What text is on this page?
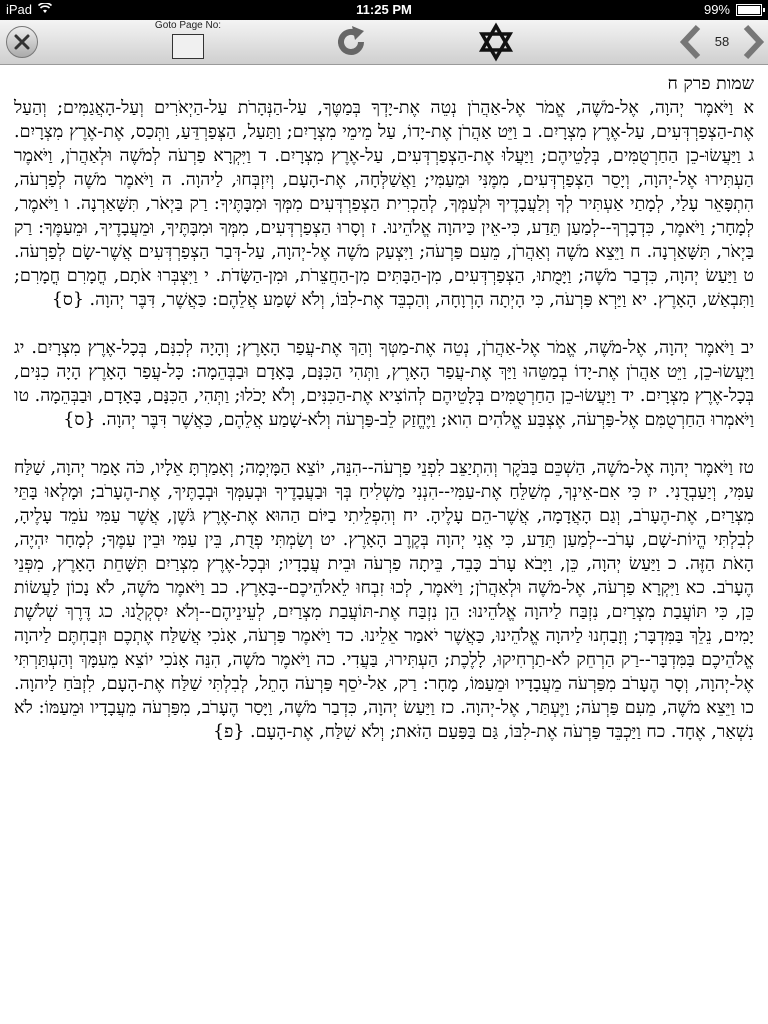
iPad	11:25 PM	99%
Goto Page No:
58
שמות פרק ח

א וַיֹּאמֶר יְהוָה, אֶל-מֹשֶׁה, אֱמֹר אֶל-אַהֲרֹן נְטֵה אֶת-יָדְךָ בְּמַטֶּךָ, עַל-הַנְּהָרֹת עַל-הַיְאֹרִים וְעַל-הָאֲגַמִּים; וְהַעַל אֶת-הַצְפַרְדְּעִים, עַל-אֶרֶץ מִצְרָיִם. ב וַיֵּט אַהֲרֹן אֶת-יָדוֹ, עַל מֵימֵי מִצְרָיִם; וַתַּעַל, הַצְּפַרְדֵּעַ, וַתְּכַס, אֶת-אֶרֶץ מִצְרָיִם. ג וַיַּעֲשׂוּ-כֵן הַחַרְטֻמִּים, בְּלָטֵיהֶם; וַיַּעֲלוּ אֶת-הַצְפַרְדְּעִים, עַל-אֶרֶץ מִצְרָיִם. ד וַיִּקְרָא פַרְעֹה לְמֹשֶׁה וּלְאַהֲרֹן, וַיֹּאמֶר הַעְתִּירוּ אֶל-יְהוָה, וְיָסֵר הַצְפַרְדְּעִים, מִמֶּנִּי וּמֵעַמִּי; וַאֲשַׁלְּחָה, אֶת-הָעָם, וְיִזְבְּחוּ, לַיהוָה. ה וַיֹּאמֶר מֹשֶׁה לְפַרְעֹה, הִתְפָּאֵר עָלַי, לְמָתַי אַעְתִּיר לְךָ וְלַעֲבָדֶיךָ וּלְעַמְּךָ, לְהַכְרִית הַצְפַרְדְּעִים מִמְּךָ וּמִבָּתֶּיךָ: רַק בַּיְאֹר, תִּשָּׁאַרְנָה. ו וַיֹּאמֶר, לְמָחָר; וַיֹּאמֶר, כִּדְבָרְךָ--לְמַעַן תֵּדַע, כִּי-אֵין כַּיהוָה אֱלֹהֵינוּ. ז וְסָרוּ הַצְפַרְדְּעִים, מִמְּךָ וּמִבָּתֶּיךָ, וּמֵעֲבָדֶיךָ, וּמֵעַמֶּךָ: רַק בַּיְאֹר, תִּשָּׁאַרְנָה. ח וַיֵּצֵא מֹשֶׁה וְאַהֲרֹן, מֵעִם פַּרְעֹה; וַיִּצְעַק מֹשֶׁה אֶל-יְהוָה, עַל-דְּבַר הַצְפַרְדְּעִים אֲשֶׁר-שָׂם לְפַרְעֹה. ט וַיַּעַשׂ יְהוָה, כִּדְבַר מֹשֶׁה; וַיָּמֻתוּ, הַצְפַרְדְּעִים, מִן-הַבָּתִּים מִן-הַחֲצֵרֹת, וּמִן-הַשָּׂדֹת. י וַיִּצְבְּרוּ אֹתָם, חֳמָרִם חֳמָרִם; וַתִּבְאַשׁ, הָאָרֶץ. יא וַיַּרְא פַּרְעֹה, כִּי הָיְתָה הָרְוָחָה, וְהַכְבֵּד אֶת-לִבּוֹ, וְלֹא שָׁמַע אֲלֵהֶם: כַּאֲשֶׁר, דִּבֶּר יְהוָה. {ס}

יב וַיֹּאמֶר יְהוָה, אֶל-מֹשֶׁה, אֱמֹר אֶל-אַהֲרֹן, נְטֵה אֶת-מַטְּךָ וְהַךְ אֶת-עֲפַר הָאָרֶץ; וְהָיָה לְכִנִּם, בְּכָל-אֶרֶץ מִצְרָיִם. יג וַיַּעֲשׂוּ-כֵן, וַיֵּט אַהֲרֹן אֶת-יָדוֹ בְמַטֵּהוּ וַיַּךְ אֶת-עֲפַר הָאָרֶץ, וַתְּהִי הַכִּנָּם, בָּאָדָם וּבַבְּהֵמָה: כָּל-עֲפַר הָאָרֶץ הָיָה כִנִּים, בְּכָל-אֶרֶץ מִצְרָיִם. יד וַיַּעֲשׂוּ-כֵן הַחַרְטֻמִּים בְּלָטֵיהֶם לְהוֹצִיא אֶת-הַכִּנִּים, וְלֹא יָכֹלוּ; וַתְּהִי, הַכִּנָּם, בָּאָדָם, וּבַבְּהֵמָה. טו וַיֹּאמְרוּ הַחַרְטֻמִּם אֶל-פַּרְעֹה, אֶצְבַּע אֱלֹהִים הִוא; וַיֶּחֱזַק לֵב-פַּרְעֹה וְלֹא-שָׁמַע אֲלֵהֶם, כַּאֲשֶׁר דִּבֶּר יְהוָה. {ס}

טז וַיֹּאמֶר יְהוָה אֶל-מֹשֶׁה, הַשְׁכֵּם בַּבֹּקֶר וְהִתְיַצֵּב לִפְנֵי פַרְעֹה--הִנֵּה, יוֹצֵא הַמָּיְמָה; וְאָמַרְתָּ אֵלָיו, כֹּה אָמַר יְהוָה, שַׁלַּח עַמִּי, וְיַעַבְדֻנִי. יז כִּי אִם-אֵינְךָ, מְשַׁלֵּחַ אֶת-עַמִּי--הִנְנִי מַשְׁלִיחַ בְּךָ וּבַעֲבָדֶיךָ וּבְעַמְּךָ וּבְבָתֶּיךָ, אֶת-הֶעָרֹב; וּמָלְאוּ בָּתֵּי מִצְרַיִם, אֶת-הֶעָרֹב, וְגַם הָאֲדָמָה, אֲשֶׁר-הֵם עָלֶיהָ. יח וְהִפְלֵיתִי בַיּוֹם הַהוּא אֶת-אֶרֶץ גֹּשֶׁן, אֲשֶׁר עַמִּי עֹמֵד עָלֶיהָ, לְבִלְתִּי הֱיוֹת-שָׁם, עָרֹב--לְמַעַן תֵּדַע, כִּי אֲנִי יְהוָה בְּקֶרֶב הָאָרֶץ. יט וְשַׂמְתִּי פְדֻת, בֵּין עַמִּי וּבֵין עַמֶּךָ; לְמָחָר יִהְיֶה, הָאֹת הַזֶּה. כ וַיַּעַשׂ יְהוָה, כֵּן, וַיָּבֹא עָרֹב כָּבֵד, בֵּיתָה פַרְעֹה וּבֵית עֲבָדָיו; וּבְכָל-אֶרֶץ מִצְרַיִם תִּשָּׁחֵת הָאָרֶץ, מִפְּנֵי הֶעָרֹב. כא וַיִּקְרָא פַרְעֹה, אֶל-מֹשֶׁה וּלְאַהֲרֹן; וַיֹּאמֶר, לְכוּ זִבְחוּ לֵאלֹהֵיכֶם--בָּאָרֶץ. כב וַיֹּאמֶר מֹשֶׁה, לֹא נָכוֹן לַעֲשׂוֹת כֵּן, כִּי תּוֹעֲבַת מִצְרַיִם, נִזְבַּח לַיהוָה אֱלֹהֵינוּ: הֵן נִזְבַּח אֶת-תּוֹעֲבַת מִצְרַיִם, לְעֵינֵיהֶם--וְלֹא יִסְקְלֻנוּ. כג דֶּרֶךְ שְׁלֹשֶׁת יָמִים, נֵלֵךְ בַּמִּדְבָּר; וְזָבַחְנוּ לַיהוָה אֱלֹהֵינוּ, כַּאֲשֶׁר יֹאמַר אֵלֵינוּ. כד וַיֹּאמֶר פַּרְעֹה, אָנֹכִי אֲשַׁלַּח אֶתְכֶם וּזְבַחְתֶּם לַיהוָה אֱלֹהֵיכֶם בַּמִּדְבָּר--רַק הַרְחֵק לֹא-תַרְחִיקוּ, לָלֶכֶת; הַעְתִּירוּ, בַּעֲדִי. כה וַיֹּאמֶר מֹשֶׁה, הִנֵּה אָנֹכִי יוֹצֵא מֵעִמָּךְ וְהַעְתַּרְתִּי אֶל-יְהוָה, וְסָר הֶעָרֹב מִפַּרְעֹה מֵעֲבָדָיו וּמֵעַמּוֹ, מָחָר: רַק, אַל-יֹסֵף פַּרְעֹה הָתֵל, לְבִלְתִּי שַׁלַּח אֶת-הָעָם, לִזְבֹּחַ לַיהוָה. כו וַיֵּצֵא מֹשֶׁה, מֵעִם פַּרְעֹה; וַיֶּעְתַּר, אֶל-יְהוָה. כז וַיַּעַשׂ יְהוָה, כִּדְבַר מֹשֶׁה, וַיָּסַר הֶעָרֹב, מִפַּרְעֹה מֵעֲבָדָיו וּמֵעַמּוֹ: לֹא נִשְׁאַר, אֶחָד. כח וַיַּכְבֵּד פַּרְעֹה אֶת-לִבּוֹ, גַּם בַּפַּעַם הַזֹּאת; וְלֹא שִׁלַּח, אֶת-הָעָם. {פ}
